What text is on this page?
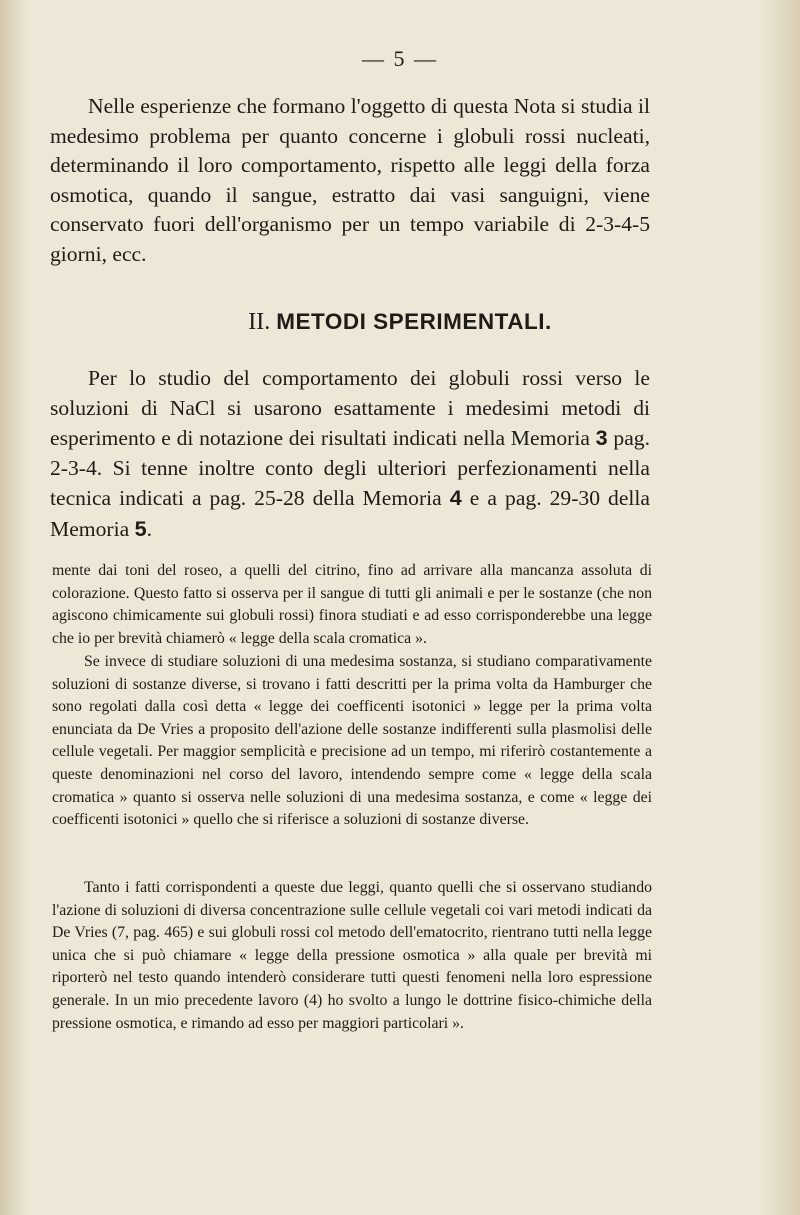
— 5 —

Nelle esperienze che formano l'oggetto di questa Nota si studia il medesimo problema per quanto concerne i globuli rossi nucleati, determinando il loro comportamento, rispetto alle leggi della forza osmotica, quando il sangue, estratto dai vasi sanguigni, viene conservato fuori dell'organismo per un tempo variabile di 2-3-4-5 giorni, ecc.

II. METODI SPERIMENTALI.

Per lo studio del comportamento dei globuli rossi verso le soluzioni di NaCl si usarono esattamente i medesimi metodi di esperimento e di notazione dei risultati indicati nella Memoria 3 pag. 2-3-4. Si tenne inoltre conto degli ulteriori perfezionamenti nella tecnica indicati a pag. 25-28 della Memoria 4 e a pag. 29-30 della Memoria 5.

mente dai toni del roseo, a quelli del citrino, fino ad arrivare alla mancanza assoluta di colorazione. Questo fatto si osserva per il sangue di tutti gli animali e per le sostanze (che non agiscono chimicamente sui globuli rossi) finora studiati e ad esso corrisponderebbe una legge che io per brevità chiamerò « legge della scala cromatica ».

Se invece di studiare soluzioni di una medesima sostanza, si studiano comparativamente soluzioni di sostanze diverse, si trovano i fatti descritti per la prima volta da Hamburger che sono regolati dalla così detta « legge dei coefficenti isotonici » legge per la prima volta enunciata da De Vries a proposito dell'azione delle sostanze indifferenti sulla plasmolisi delle cellule vegetali. Per maggior semplicità e precisione ad un tempo, mi riferirò costantemente a queste denominazioni nel corso del lavoro, intendendo sempre come « legge della scala cromatica » quanto si osserva nelle soluzioni di una medesima sostanza, e come « legge dei coefficenti isotonici » quello che si riferisce a soluzioni di sostanze diverse.

Tanto i fatti corrispondenti a queste due leggi, quanto quelli che si osservano studiando l'azione di soluzioni di diversa concentrazione sulle cellule vegetali coi vari metodi indicati da De Vries (7, pag. 465) e sui globuli rossi col metodo dell'ematocrito, rientrano tutti nella legge unica che si può chiamare « legge della pressione osmotica » alla quale per brevità mi riporterò nel testo quando intenderò considerare tutti questi fenomeni nella loro espressione generale. In un mio precedente lavoro (4) ho svolto a lungo le dottrine fisico-chimiche della pressione osmotica, e rimando ad esso per maggiori particolari ».
